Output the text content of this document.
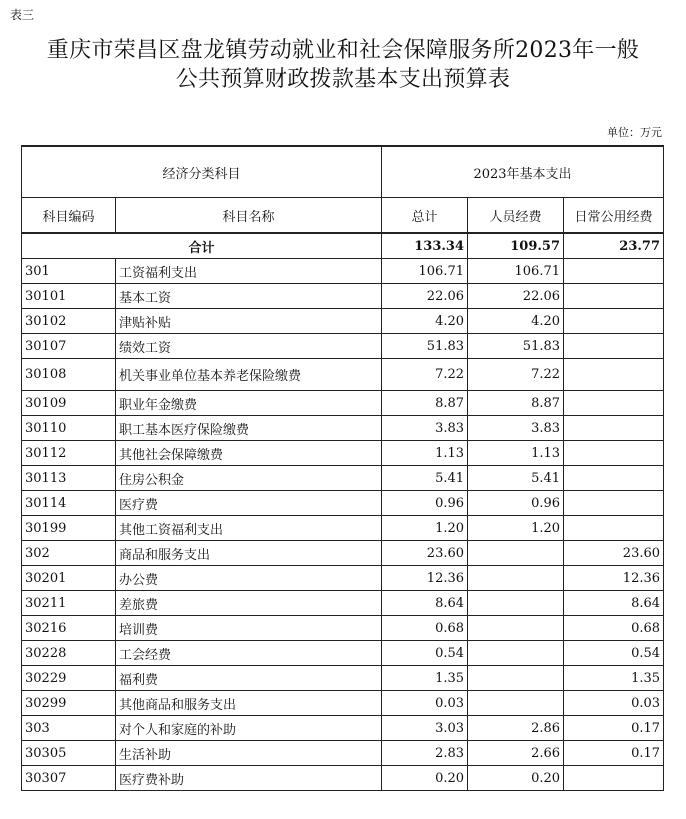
表三
重庆市荣昌区盘龙镇劳动就业和社会保障服务所2023年一般
公共预算财政拨款基本支出预算表
单位：万元
经济分类科目		2023年基本支出		
科目编码	科目名称	总计	人员经费	日常公用经费
合计		133.34	109.57	23.77
301	工资福利支出	106.71	106.71	
30101	基本工资	22.06	22.06	
30102	津贴补贴	4.20	4.20	
30107	绩效工资	51.83	51.83	
30108	机关事业单位基本养老保险缴费	7.22	7.22	
30109	职业年金缴费	8.87	8.87	
30110	职工基本医疗保险缴费	3.83	3.83	
30112	其他社会保障缴费	1.13	1.13	
30113	住房公积金	5.41	5.41	
30114	医疗费	0.96	0.96	
30199	其他工资福利支出	1.20	1.20	
302	商品和服务支出	23.60		23.60
30201	办公费	12.36		12.36
30211	差旅费	8.64		8.64
30216	培训费	0.68		0.68
30228	工会经费	0.54		0.54
30229	福利费	1.35		1.35
30299	其他商品和服务支出	0.03		0.03
303	对个人和家庭的补助	3.03	2.86	0.17
30305	生活补助	2.83	2.66	0.17
30307	医疗费补助	0.20	0.20	
